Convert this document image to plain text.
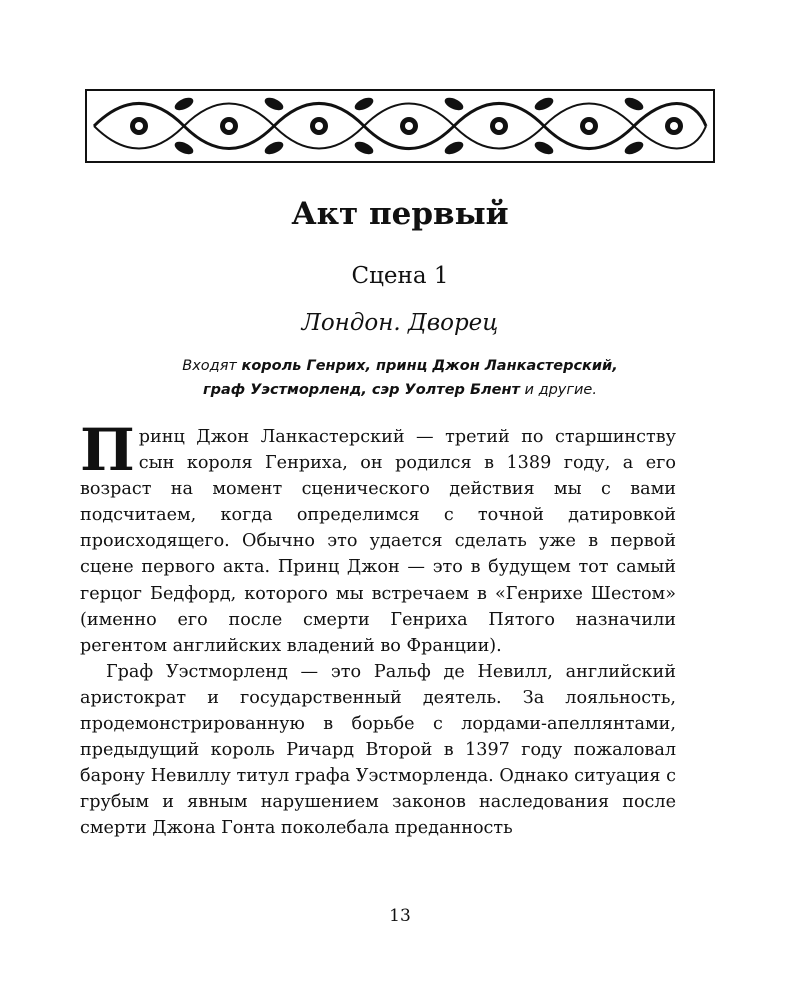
Акт первый
Сцена 1
Лондон. Дворец
Входят король Генрих, принц Джон Ланкастерский,
граф Уэстморленд, сэр Уолтер Блент и другие.

Принц Джон Ланкастерский — третий по старшинству сын короля Генриха, он родился в 1389 году, а его возраст на момент сценического действия мы с вами подсчитаем, когда определимся с точной датировкой происходящего. Обычно это удается сделать уже в первой сцене первого акта. Принц Джон — это в будущем тот самый герцог Бедфорд, которого мы встречаем в «Генрихе Шестом» (именно его после смерти Генриха Пятого назначили регентом английских владений во Франции).

Граф Уэстморленд — это Ральф де Невилл, английский аристократ и государственный деятель. За лояльность, продемонстрированную в борьбе с лордами-апеллянтами, предыдущий король Ричард Второй в 1397 году пожаловал барону Невиллу титул графа Уэстморленда. Однако ситуация с грубым и явным нарушением законов наследования после смерти Джона Гонта поколебала преданность

13
